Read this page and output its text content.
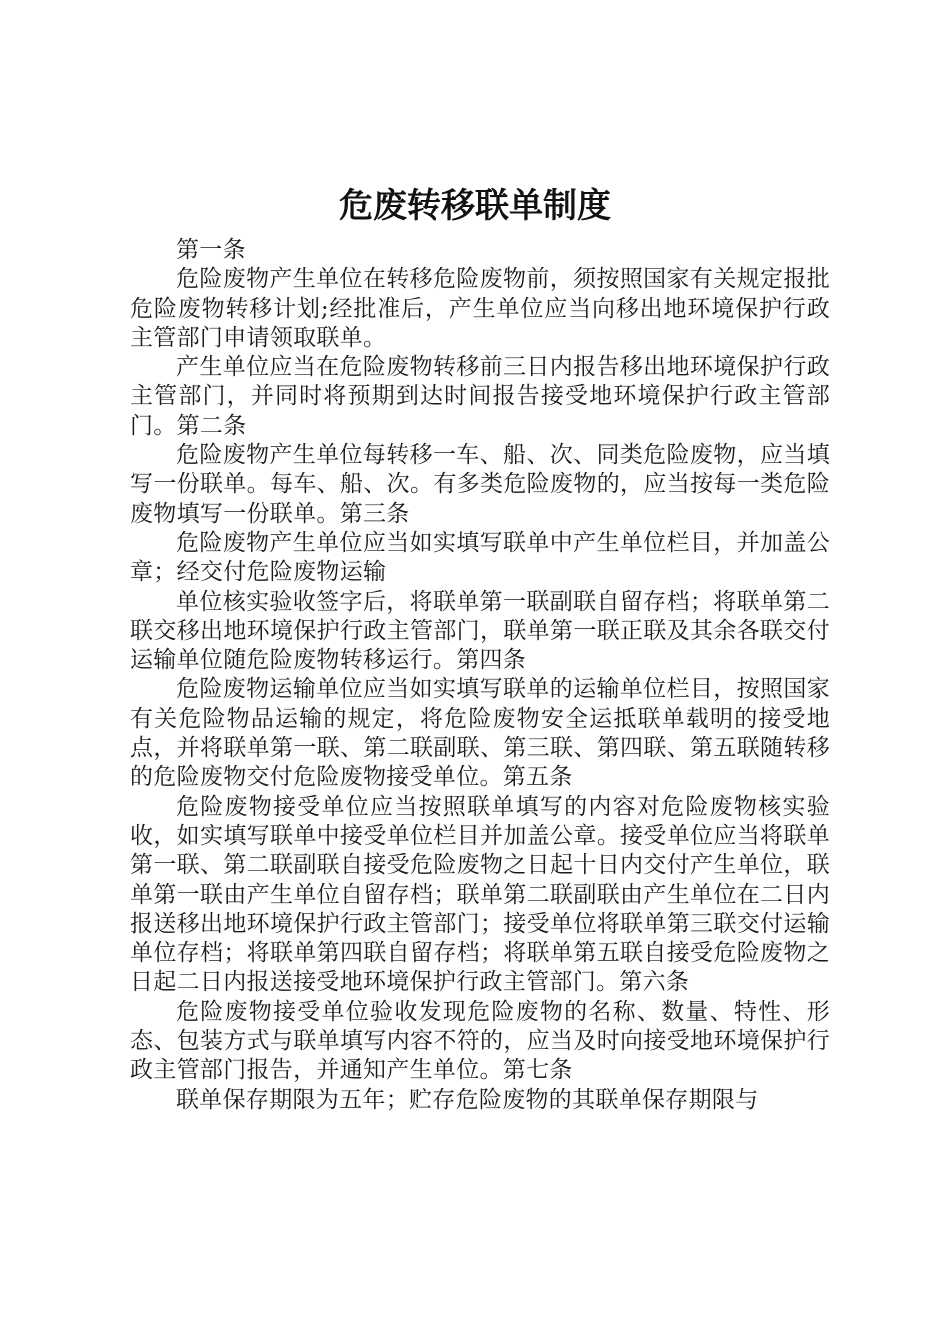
危废转移联单制度

第一条

危险废物产生单位在转移危险废物前，须按照国家有关规定报批危险废物转移计划;经批准后，产生单位应当向移出地环境保护行政主管部门申请领取联单。

产生单位应当在危险废物转移前三日内报告移出地环境保护行政主管部门，并同时将预期到达时间报告接受地环境保护行政主管部门。第二条

危险废物产生单位每转移一车、船、次、同类危险废物，应当填写一份联单。每车、船、次。有多类危险废物的，应当按每一类危险废物填写一份联单。第三条

危险废物产生单位应当如实填写联单中产生单位栏目，并加盖公章；经交付危险废物运输

单位核实验收签字后，将联单第一联副联自留存档；将联单第二联交移出地环境保护行政主管部门，联单第一联正联及其余各联交付运输单位随危险废物转移运行。第四条

危险废物运输单位应当如实填写联单的运输单位栏目，按照国家有关危险物品运输的规定，将危险废物安全运抵联单载明的接受地点，并将联单第一联、第二联副联、第三联、第四联、第五联随转移的危险废物交付危险废物接受单位。第五条

危险废物接受单位应当按照联单填写的内容对危险废物核实验收，如实填写联单中接受单位栏目并加盖公章。接受单位应当将联单第一联、第二联副联自接受危险废物之日起十日内交付产生单位，联单第一联由产生单位自留存档；联单第二联副联由产生单位在二日内报送移出地环境保护行政主管部门；接受单位将联单第三联交付运输单位存档；将联单第四联自留存档；将联单第五联自接受危险废物之日起二日内报送接受地环境保护行政主管部门。第六条

危险废物接受单位验收发现危险废物的名称、数量、特性、形态、包装方式与联单填写内容不符的，应当及时向接受地环境保护行政主管部门报告，并通知产生单位。第七条

联单保存期限为五年；贮存危险废物的其联单保存期限与
